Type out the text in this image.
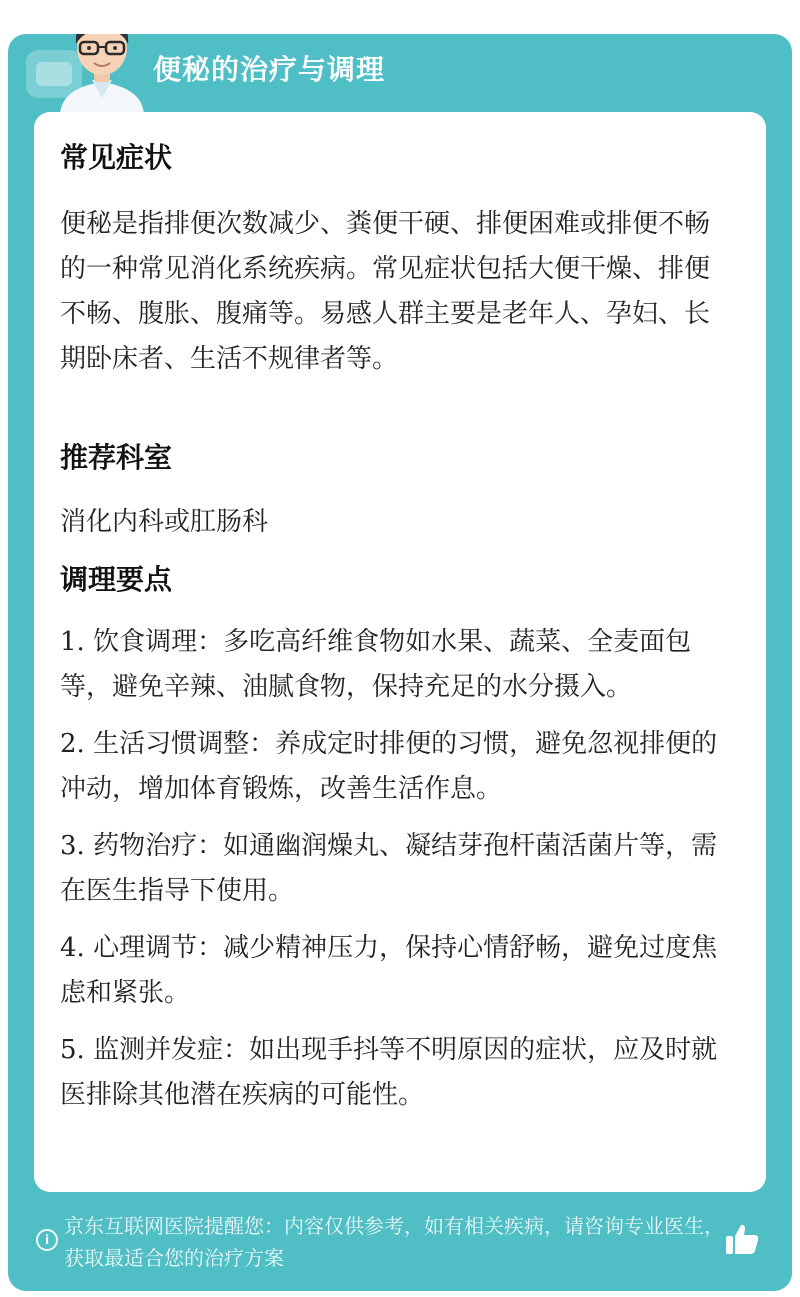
便秘的治疗与调理
常见症状

便秘是指排便次数减少、粪便干硬、排便困难或排便不畅的一种常见消化系统疾病。常见症状包括大便干燥、排便不畅、腹胀、腹痛等。易感人群主要是老年人、孕妇、长期卧床者、生活不规律者等。

推荐科室

消化内科或肛肠科

调理要点

1. 饮食调理：多吃高纤维食物如水果、蔬菜、全麦面包等，避免辛辣、油腻食物，保持充足的水分摄入。

2. 生活习惯调整：养成定时排便的习惯，避免忽视排便的冲动，增加体育锻炼，改善生活作息。

3. 药物治疗：如通幽润燥丸、凝结芽孢杆菌活菌片等，需在医生指导下使用。

4. 心理调节：减少精神压力，保持心情舒畅，避免过度焦虑和紧张。

5. 监测并发症：如出现手抖等不明原因的症状，应及时就医排除其他潜在疾病的可能性。

i
京东互联网医院提醒您：内容仅供参考，如有相关疾病，请咨询专业医生，获取最适合您的治疗方案
